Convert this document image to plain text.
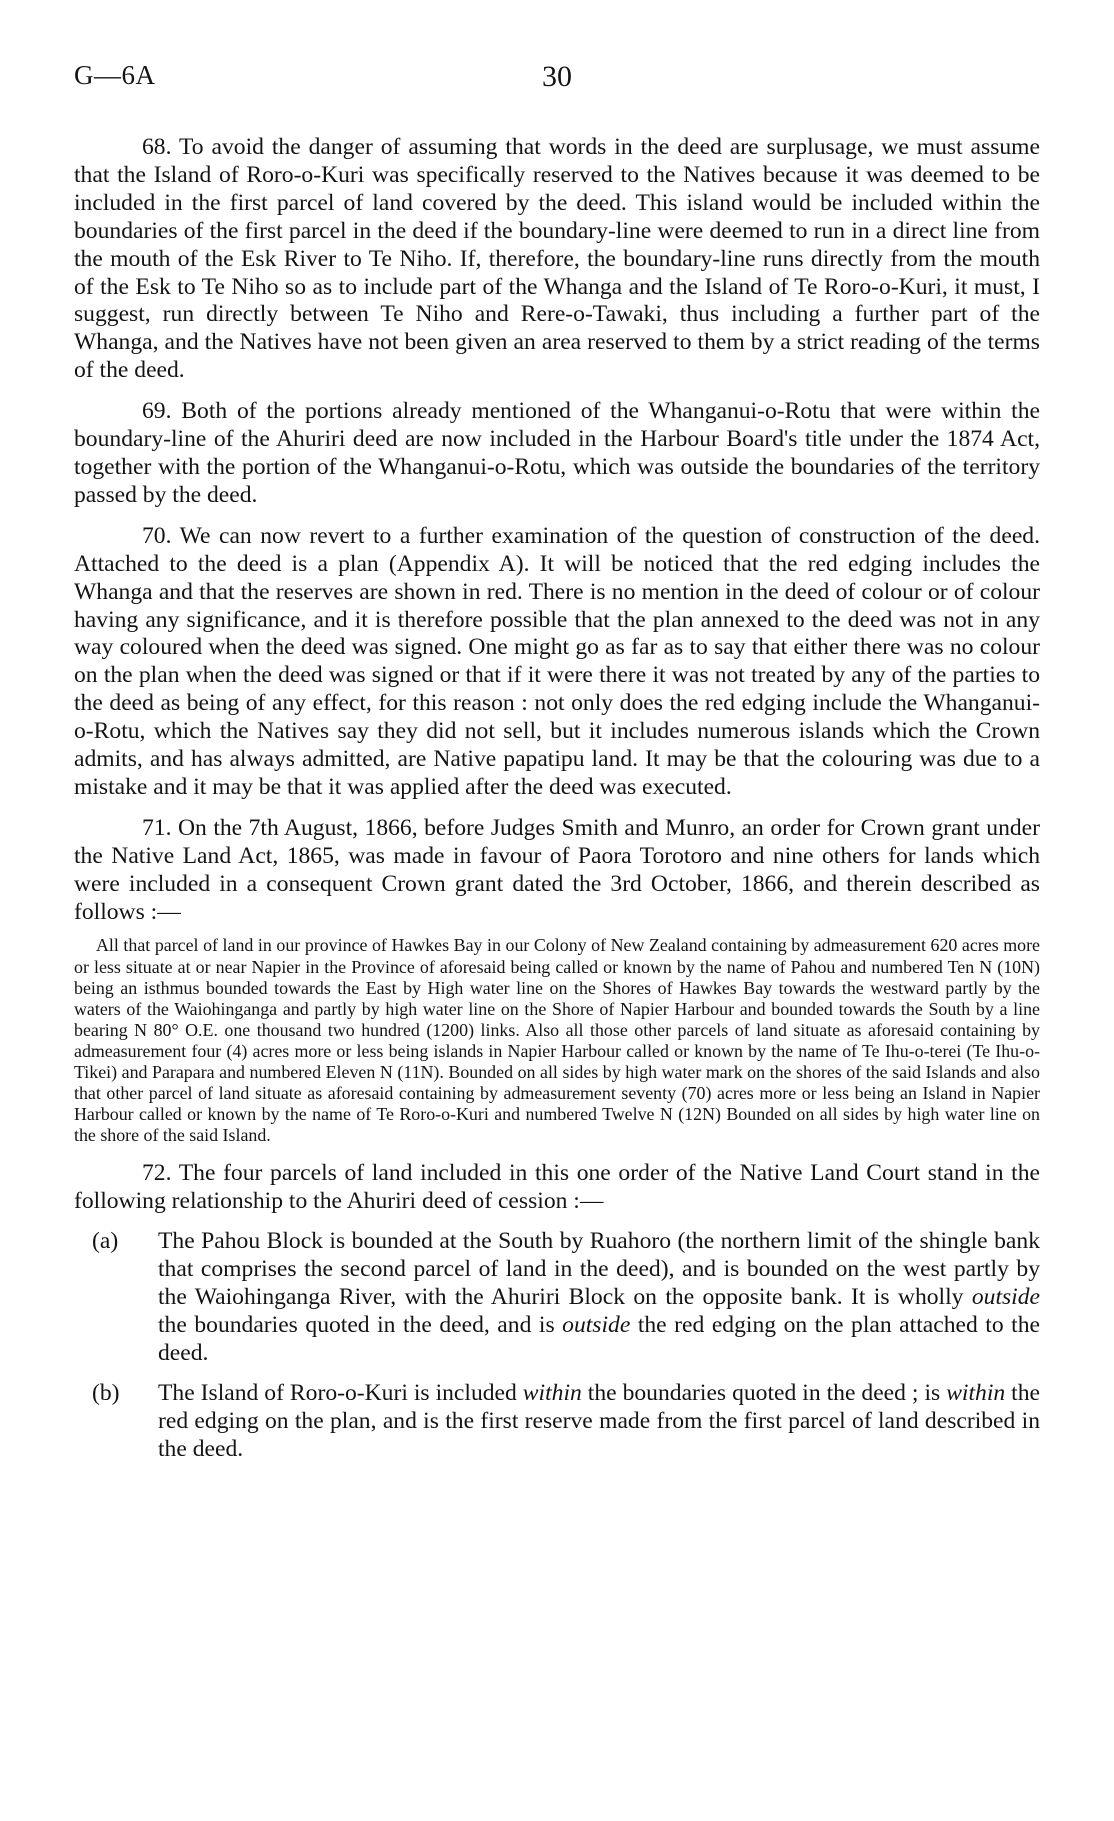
G—6A	30

68. To avoid the danger of assuming that words in the deed are surplusage, we must assume that the Island of Roro-o-Kuri was specifically reserved to the Natives because it was deemed to be included in the first parcel of land covered by the deed. This island would be included within the boundaries of the first parcel in the deed if the boundary-line were deemed to run in a direct line from the mouth of the Esk River to Te Niho. If, therefore, the boundary-line runs directly from the mouth of the Esk to Te Niho so as to include part of the Whanga and the Island of Te Roro-o-Kuri, it must, I suggest, run directly between Te Niho and Rere-o-Tawaki, thus including a further part of the Whanga, and the Natives have not been given an area reserved to them by a strict reading of the terms of the deed.

69. Both of the portions already mentioned of the Whanganui-o-Rotu that were within the boundary-line of the Ahuriri deed are now included in the Harbour Board's title under the 1874 Act, together with the portion of the Whanganui-o-Rotu, which was outside the boundaries of the territory passed by the deed.

70. We can now revert to a further examination of the question of construction of the deed. Attached to the deed is a plan (Appendix A). It will be noticed that the red edging includes the Whanga and that the reserves are shown in red. There is no mention in the deed of colour or of colour having any significance, and it is therefore possible that the plan annexed to the deed was not in any way coloured when the deed was signed. One might go as far as to say that either there was no colour on the plan when the deed was signed or that if it were there it was not treated by any of the parties to the deed as being of any effect, for this reason : not only does the red edging include the Whanganui-o-Rotu, which the Natives say they did not sell, but it includes numerous islands which the Crown admits, and has always admitted, are Native papatipu land. It may be that the colouring was due to a mistake and it may be that it was applied after the deed was executed.

71. On the 7th August, 1866, before Judges Smith and Munro, an order for Crown grant under the Native Land Act, 1865, was made in favour of Paora Torotoro and nine others for lands which were included in a consequent Crown grant dated the 3rd October, 1866, and therein described as follows :—

All that parcel of land in our province of Hawkes Bay in our Colony of New Zealand containing by admeasurement 620 acres more or less situate at or near Napier in the Province of aforesaid being called or known by the name of Pahou and numbered Ten N (10N) being an isthmus bounded towards the East by High water line on the Shores of Hawkes Bay towards the westward partly by the waters of the Waiohinganga and partly by high water line on the Shore of Napier Harbour and bounded towards the South by a line bearing N 80° O.E. one thousand two hundred (1200) links. Also all those other parcels of land situate as aforesaid containing by admeasurement four (4) acres more or less being islands in Napier Harbour called or known by the name of Te Ihu-o-terei (Te Ihu-o-Tikei) and Parapara and numbered Eleven N (11N). Bounded on all sides by high water mark on the shores of the said Islands and also that other parcel of land situate as aforesaid containing by admeasurement seventy (70) acres more or less being an Island in Napier Harbour called or known by the name of Te Roro-o-Kuri and numbered Twelve N (12N) Bounded on all sides by high water line on the shore of the said Island.

72. The four parcels of land included in this one order of the Native Land Court stand in the following relationship to the Ahuriri deed of cession :—

(a) The Pahou Block is bounded at the South by Ruahoro (the northern limit of the shingle bank that comprises the second parcel of land in the deed), and is bounded on the west partly by the Waiohinganga River, with the Ahuriri Block on the opposite bank. It is wholly outside the boundaries quoted in the deed, and is outside the red edging on the plan attached to the deed.
(b) The Island of Roro-o-Kuri is included within the boundaries quoted in the deed ; is within the red edging on the plan, and is the first reserve made from the first parcel of land described in the deed.
